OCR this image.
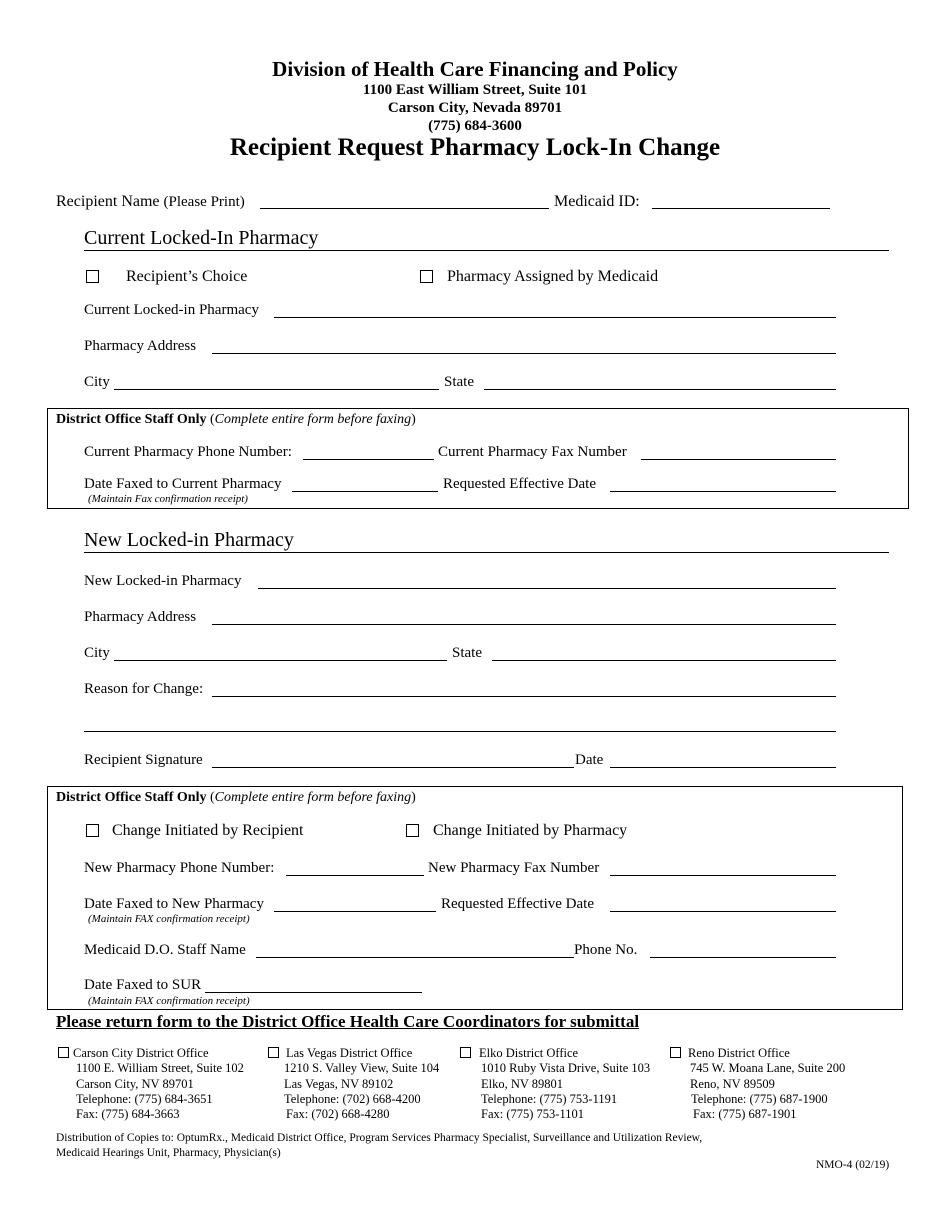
Division of Health Care Financing and Policy
1100 East William Street, Suite 101
Carson City, Nevada 89701
(775) 684-3600
Recipient Request Pharmacy Lock-In Change
Recipient Name (Please Print)	Medicaid ID:
Current Locked-In Pharmacy
Recipient’s Choice	Pharmacy Assigned by Medicaid
Current Locked-in Pharmacy
Pharmacy Address
City	State
District Office Staff Only (Complete entire form before faxing)
Current Pharmacy Phone Number:	Current Pharmacy Fax Number
Date Faxed to Current Pharmacy	Requested Effective Date
(Maintain Fax confirmation receipt)
New Locked-in Pharmacy
New Locked-in Pharmacy
Pharmacy Address
City	State
Reason for Change:
Recipient Signature	Date
District Office Staff Only (Complete entire form before faxing)
Change Initiated by Recipient	Change Initiated by Pharmacy
New Pharmacy Phone Number:	New Pharmacy Fax Number
Date Faxed to New Pharmacy	Requested Effective Date
(Maintain FAX confirmation receipt)
Medicaid D.O. Staff Name	Phone No.
Date Faxed to SUR
(Maintain FAX confirmation receipt)
Please return form to the District Office Health Care Coordinators for submittal
Carson City District Office
1100 E. William Street, Suite 102
Carson City, NV 89701
Telephone: (775) 684-3651
Fax: (775) 684-3663
Las Vegas District Office
1210 S. Valley View, Suite 104
Las Vegas, NV 89102
Telephone: (702) 668-4200
Fax: (702) 668-4280
Elko District Office
1010 Ruby Vista Drive, Suite 103
Elko, NV 89801
Telephone: (775) 753-1191
Fax: (775) 753-1101
Reno District Office
745 W. Moana Lane, Suite 200
Reno, NV 89509
Telephone: (775) 687-1900
Fax: (775) 687-1901
Distribution of Copies to: OptumRx., Medicaid District Office, Program Services Pharmacy Specialist, Surveillance and Utilization Review,
Medicaid Hearings Unit, Pharmacy, Physician(s)
NMO-4 (02/19)
